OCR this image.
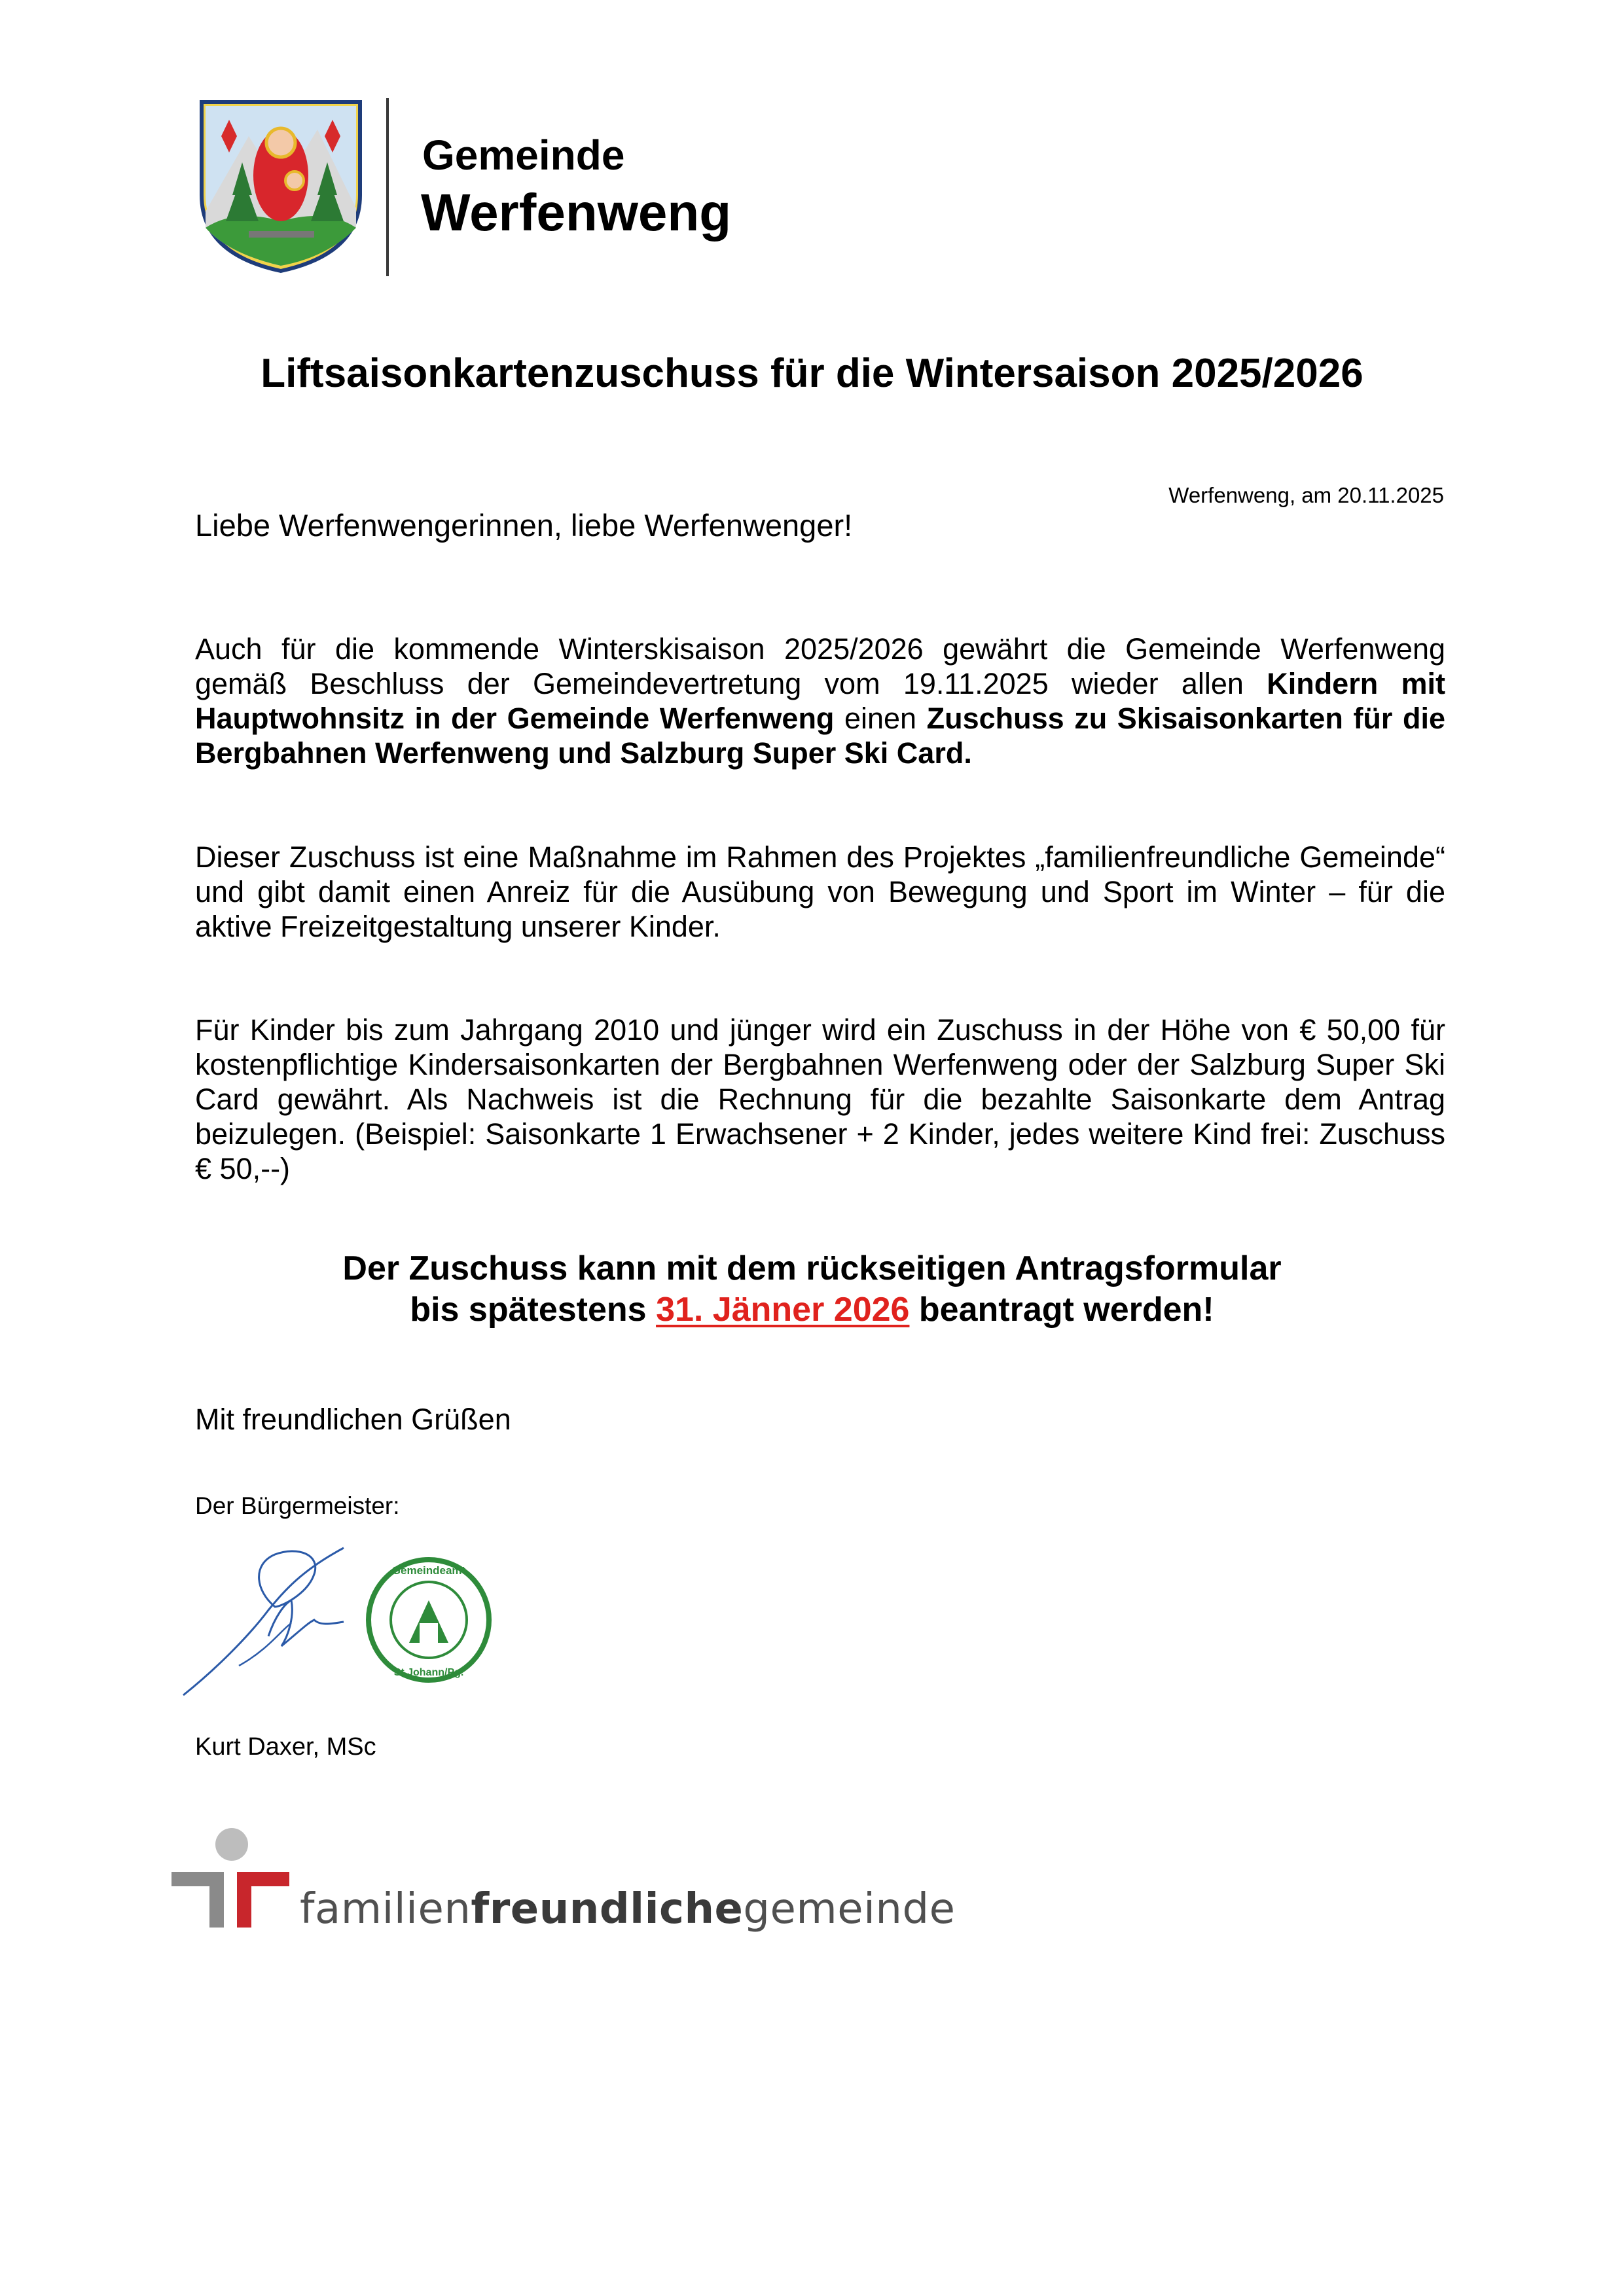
Gemeinde
Werfenweng
Liftsaisonkartenzuschuss für die Wintersaison 2025/2026
Werfenweng, am 20.11.2025
Liebe Werfenwengerinnen, liebe Werfenwenger!
Auch für die kommende Winterskisaison 2025/2026 gewährt die Gemeinde Werfenweng gemäß Beschluss der Gemeindevertretung vom 19.11.2025 wieder allen Kindern mit Hauptwohnsitz in der Gemeinde Werfenweng einen Zuschuss zu Skisaisonkarten für die Bergbahnen Werfenweng und Salzburg Super Ski Card.
Dieser Zuschuss ist eine Maßnahme im Rahmen des Projektes „familienfreundliche Gemeinde“ und gibt damit einen Anreiz für die Ausübung von Bewegung und Sport im Winter – für die aktive Freizeitgestaltung unserer Kinder.
Für Kinder bis zum Jahrgang 2010 und jünger wird ein Zuschuss in der Höhe von € 50,00 für kostenpflichtige Kindersaisonkarten der Bergbahnen Werfenweng oder der Salzburg Super Ski Card gewährt. Als Nachweis ist die Rechnung für die bezahlte Saisonkarte dem Antrag beizulegen. (Beispiel: Saisonkarte 1 Erwachsener + 2 Kinder, jedes weitere Kind frei: Zuschuss € 50,--)
Der Zuschuss kann mit dem rückseitigen Antragsformular
bis spätestens 31. Jänner 2026 beantragt werden!
Mit freundlichen Grüßen
Der Bürgermeister:
Gemeindeamt
St.Johann/Pg.
Kurt Daxer, MSc
familienfreundlichegemeinde
